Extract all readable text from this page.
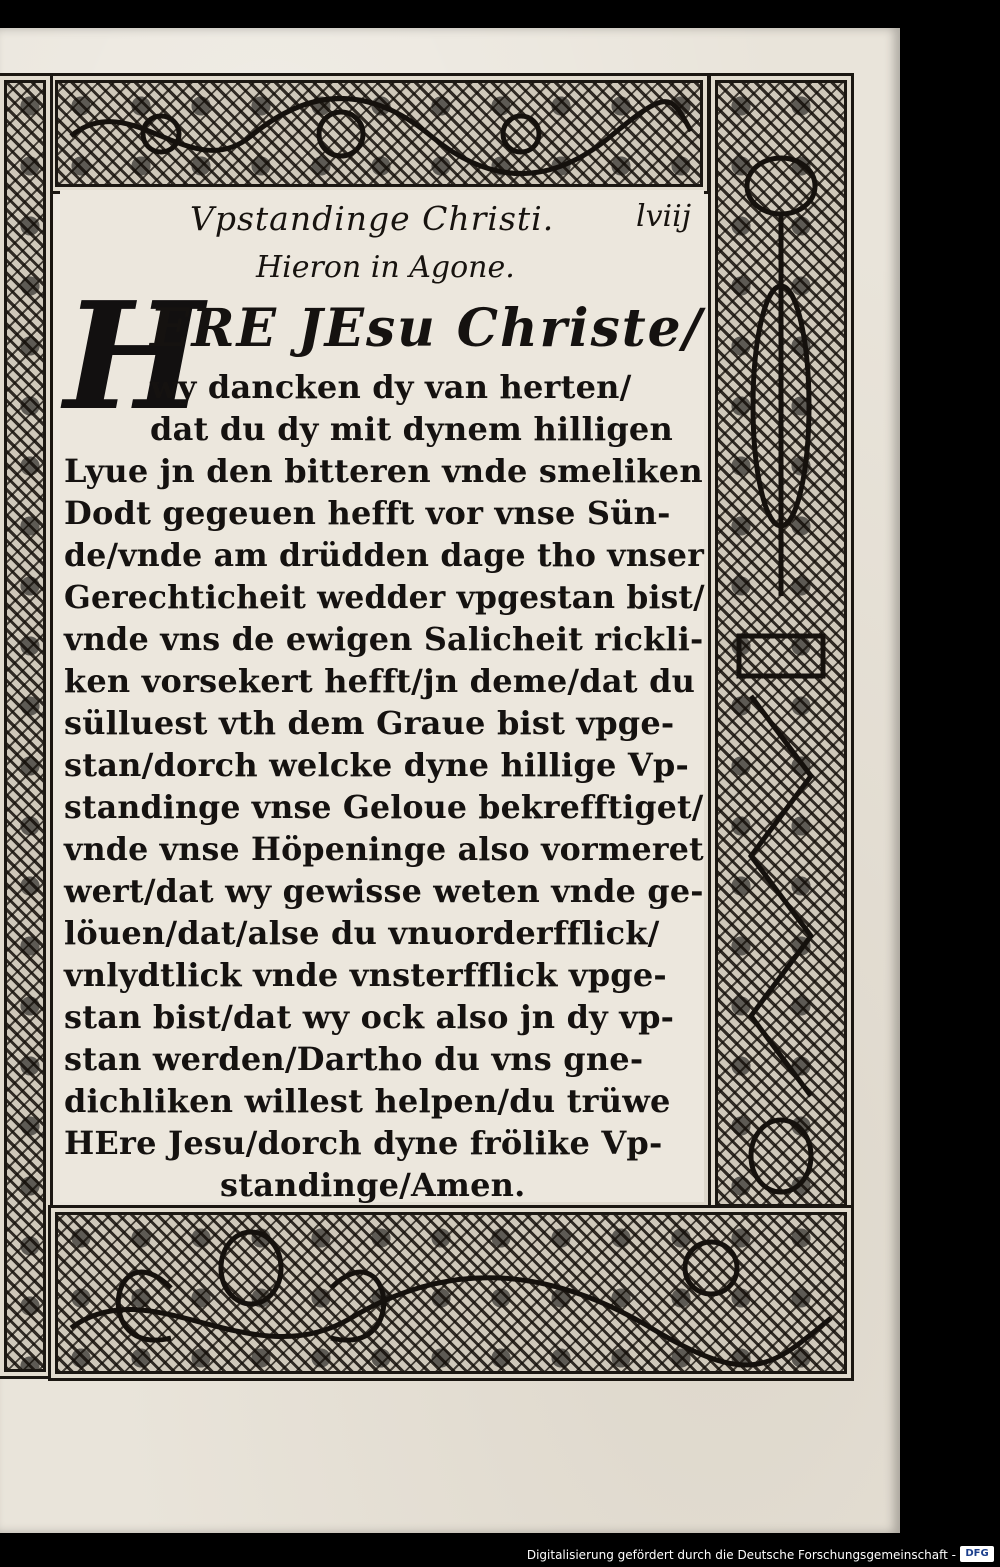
Vpstandinge Christi.	lviij
Hieron in Agone.
H
ERE JEsu Christe/
wy dancken dy van herten/
dat du dy mit dynem hilligen
Lyue jn den bitteren vnde smeliken
Dodt gegeuen hefft vor vnse Sün-
de/vnde am drüdden dage tho vnser
Gerechticheit wedder vpgestan bist/
vnde vns de ewigen Salicheit rickli-
ken vorsekert hefft/jn deme/dat du
sülluest vth dem Graue bist vpge-
stan/dorch welcke dyne hillige Vp-
standinge vnse Geloue bekrefftiget/
vnde vnse Höpeninge also vormeret
wert/dat wy gewisse weten vnde ge-
löuen/dat/alse du vnuorderfflick/
vnlydtlick vnde vnsterfflick vpge-
stan bist/dat wy ock also jn dy vp-
stan werden/Dartho du vns gne-
dichliken willest helpen/du trüwe
HEre Jesu/dorch dyne frölike Vp-
standinge/Amen.
Digitalisierung gefördert durch die Deutsche Forschungsgemeinschaft - DFG
